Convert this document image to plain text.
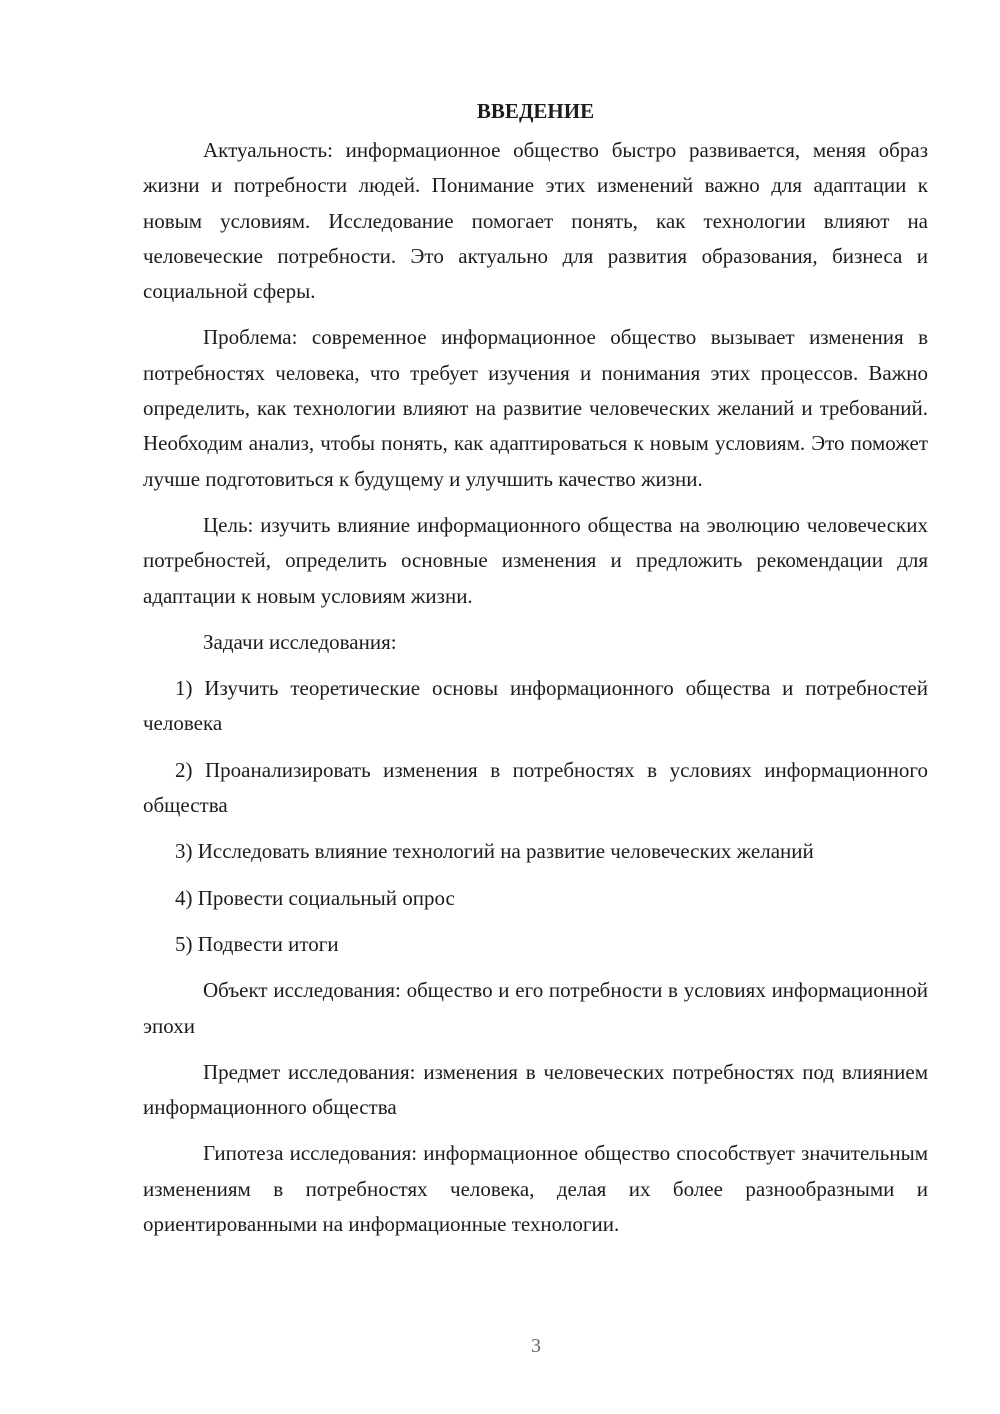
ВВЕДЕНИЕ

Актуальность: информационное общество быстро развивается, меняя образ жизни и потребности людей. Понимание этих изменений важно для адаптации к новым условиям. Исследование помогает понять, как технологии влияют на человеческие потребности. Это актуально для развития образования, бизнеса и социальной сферы.

Проблема: современное информационное общество вызывает изменения в потребностях человека, что требует изучения и понимания этих процессов. Важно определить, как технологии влияют на развитие человеческих желаний и требований. Необходим анализ, чтобы понять, как адаптироваться к новым условиям. Это поможет лучше подготовиться к будущему и улучшить качество жизни.

Цель: изучить влияние информационного общества на эволюцию человеческих потребностей, определить основные изменения и предложить рекомендации для адаптации к новым условиям жизни.

Задачи исследования:

1) Изучить теоретические основы информационного общества и потребностей человека

2) Проанализировать изменения в потребностях в условиях информационного общества

3) Исследовать влияние технологий на развитие человеческих желаний

4) Провести социальный опрос

5) Подвести итоги

Объект исследования: общество и его потребности в условиях информационной эпохи

Предмет исследования: изменения в человеческих потребностях под влиянием информационного общества

Гипотеза исследования: информационное общество способствует значительным изменениям в потребностях человека, делая их более разнообразными и ориентированными на информационные технологии.

3
